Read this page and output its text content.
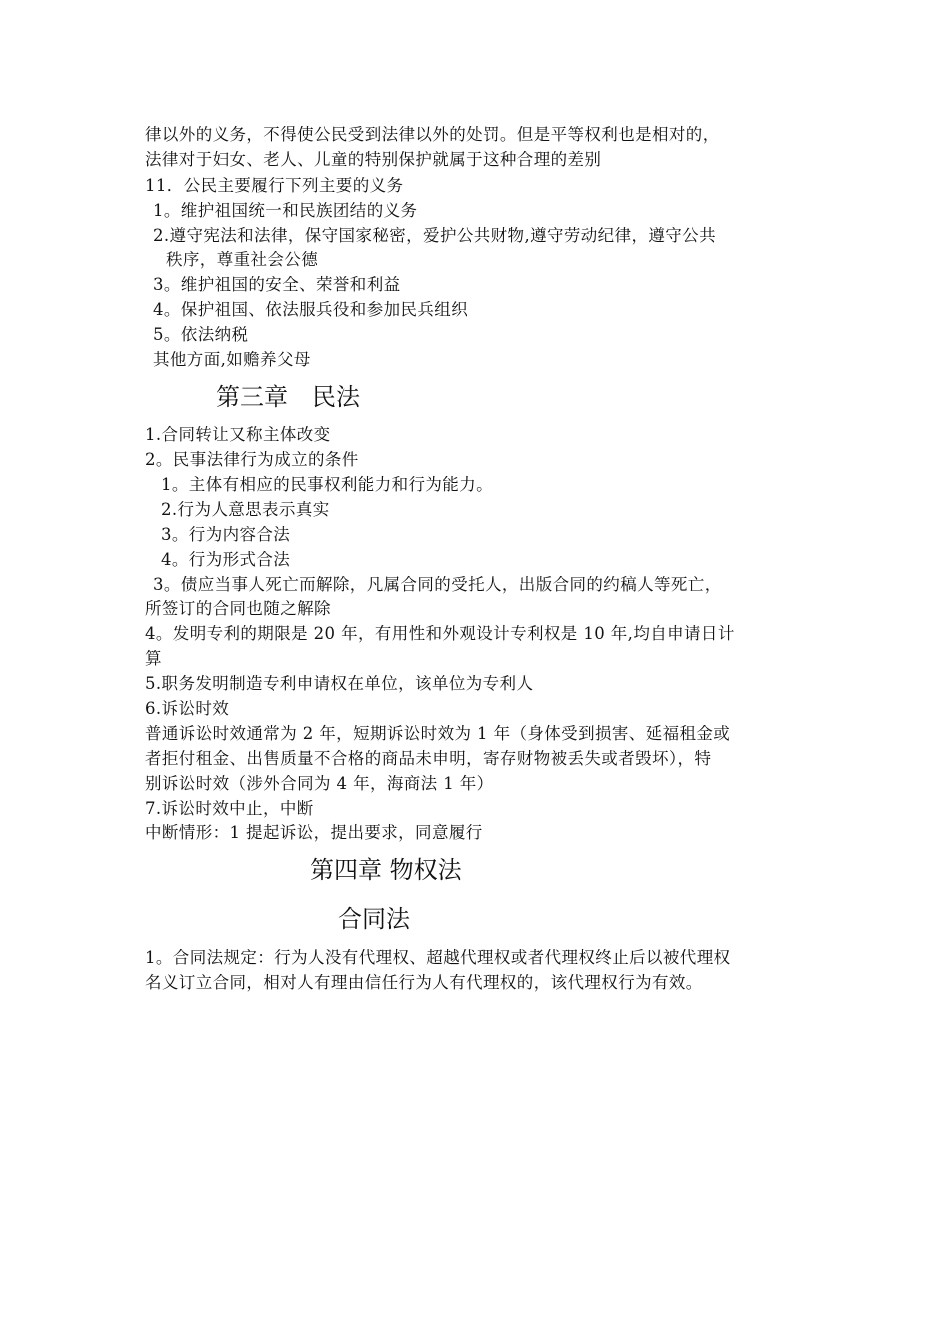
律以外的义务，不得使公民受到法律以外的处罚。但是平等权利也是相对的，
法律对于妇女、老人、儿童的特别保护就属于这种合理的差别
11．公民主要履行下列主要的义务
1。维护祖国统一和民族团结的义务
2.遵守宪法和法律，保守国家秘密，爱护公共财物,遵守劳动纪律，遵守公共
秩序，尊重社会公德
3。维护祖国的安全、荣誉和利益
4。保护祖国、依法服兵役和参加民兵组织
5。依法纳税
其他方面,如赡养父母
第三章　民法
1.合同转让又称主体改变
2。民事法律行为成立的条件
1。主体有相应的民事权利能力和行为能力。
2.行为人意思表示真实
3。行为内容合法
4。行为形式合法
3。债应当事人死亡而解除，凡属合同的受托人，出版合同的约稿人等死亡，
所签订的合同也随之解除
4。发明专利的期限是 20 年，有用性和外观设计专利权是 10 年,均自申请日计
算
5.职务发明制造专利申请权在单位，该单位为专利人
6.诉讼时效
普通诉讼时效通常为 2 年，短期诉讼时效为 1 年（身体受到损害、延福租金或
者拒付租金、出售质量不合格的商品未申明，寄存财物被丢失或者毁坏），特
别诉讼时效（涉外合同为 4 年，海商法 1 年）
7.诉讼时效中止，中断
中断情形：1 提起诉讼，提出要求，同意履行
第四章 物权法
合同法
1。合同法规定：行为人没有代理权、超越代理权或者代理权终止后以被代理权
名义订立合同，相对人有理由信任行为人有代理权的，该代理权行为有效。
